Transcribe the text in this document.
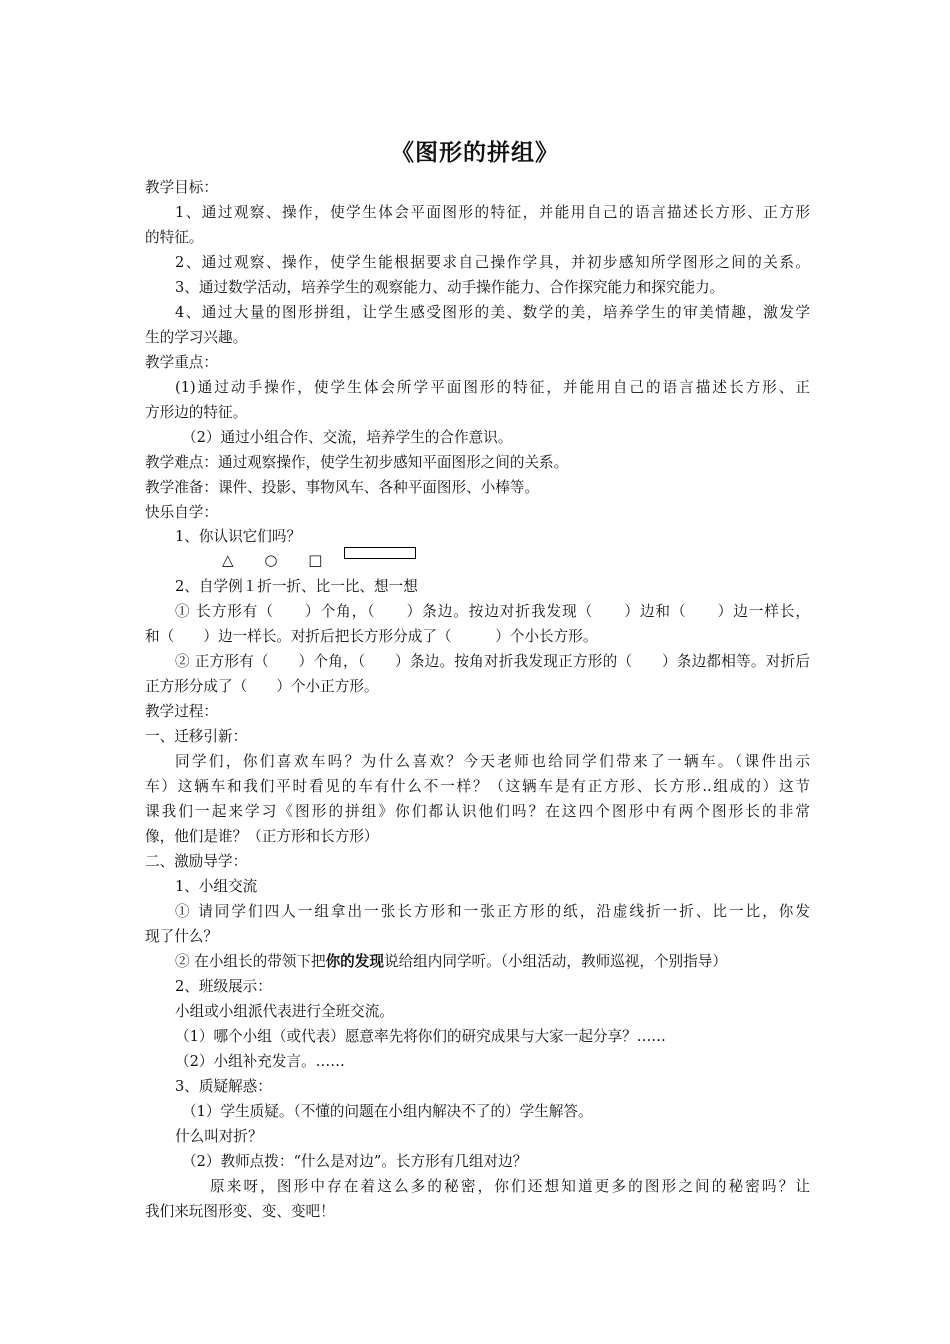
《图形的拼组》
教学目标：
1、通过观察、操作，使学生体会平面图形的特征，并能用自己的语言描述长方形、正方形
的特征。
2、通过观察、操作，使学生能根据要求自己操作学具，并初步感知所学图形之间的关系。
3、通过数学活动，培养学生的观察能力、动手操作能力、合作探究能力和探究能力。
4、通过大量的图形拼组，让学生感受图形的美、数学的美，培养学生的审美情趣，激发学
生的学习兴趣。
教学重点：
(1)通过动手操作，使学生体会所学平面图形的特征，并能用自己的语言描述长方形、正
方形边的特征。
（2）通过小组合作、交流，培养学生的合作意识。
教学难点：通过观察操作，使学生初步感知平面图形之间的关系。
教学准备：课件、投影、事物风车、各种平面图形、小棒等。
快乐自学：
1、你认识它们吗？
△ ○ □
2、自学例１折一折、比一比、想一想
① 长方形有（　　）个角，（　　）条边。按边对折我发现（　　）边和（　　）边一样长，　　
和（　　）边一样长。对折后把长方形分成了（　　　）个小长方形。
② 正方形有（　　）个角，（　　）条边。按角对折我发现正方形的（　　）条边都相等。对折后
正方形分成了（　　）个小正方形。
教学过程：
一、迁移引新：
同学们，你们喜欢车吗？为什么喜欢？今天老师也给同学们带来了一辆车。（课件出示
车）这辆车和我们平时看见的车有什么不一样？（这辆车是有正方形、长方形..组成的）这节
课我们一起来学习《图形的拼组》你们都认识他们吗？在这四个图形中有两个图形长的非常
像，他们是谁？（正方形和长方形）
二、激励导学：
1、小组交流
① 请同学们四人一组拿出一张长方形和一张正方形的纸，沿虚线折一折、比一比，你发
现了什么？
② 在小组长的带领下把你的发现说给组内同学听。（小组活动，教师巡视，个别指导）
2、班级展示：
小组或小组派代表进行全班交流。
（1）哪个小组（或代表）愿意率先将你们的研究成果与大家一起分享？……
（2）小组补充发言。……
3、质疑解惑：
（1）学生质疑。（不懂的问题在小组内解决不了的）学生解答。
什么叫对折？
（2）教师点拨：“什么是对边”。长方形有几组对边？
原来呀，图形中存在着这么多的秘密，你们还想知道更多的图形之间的秘密吗？让
我们来玩图形变、变、变吧！
